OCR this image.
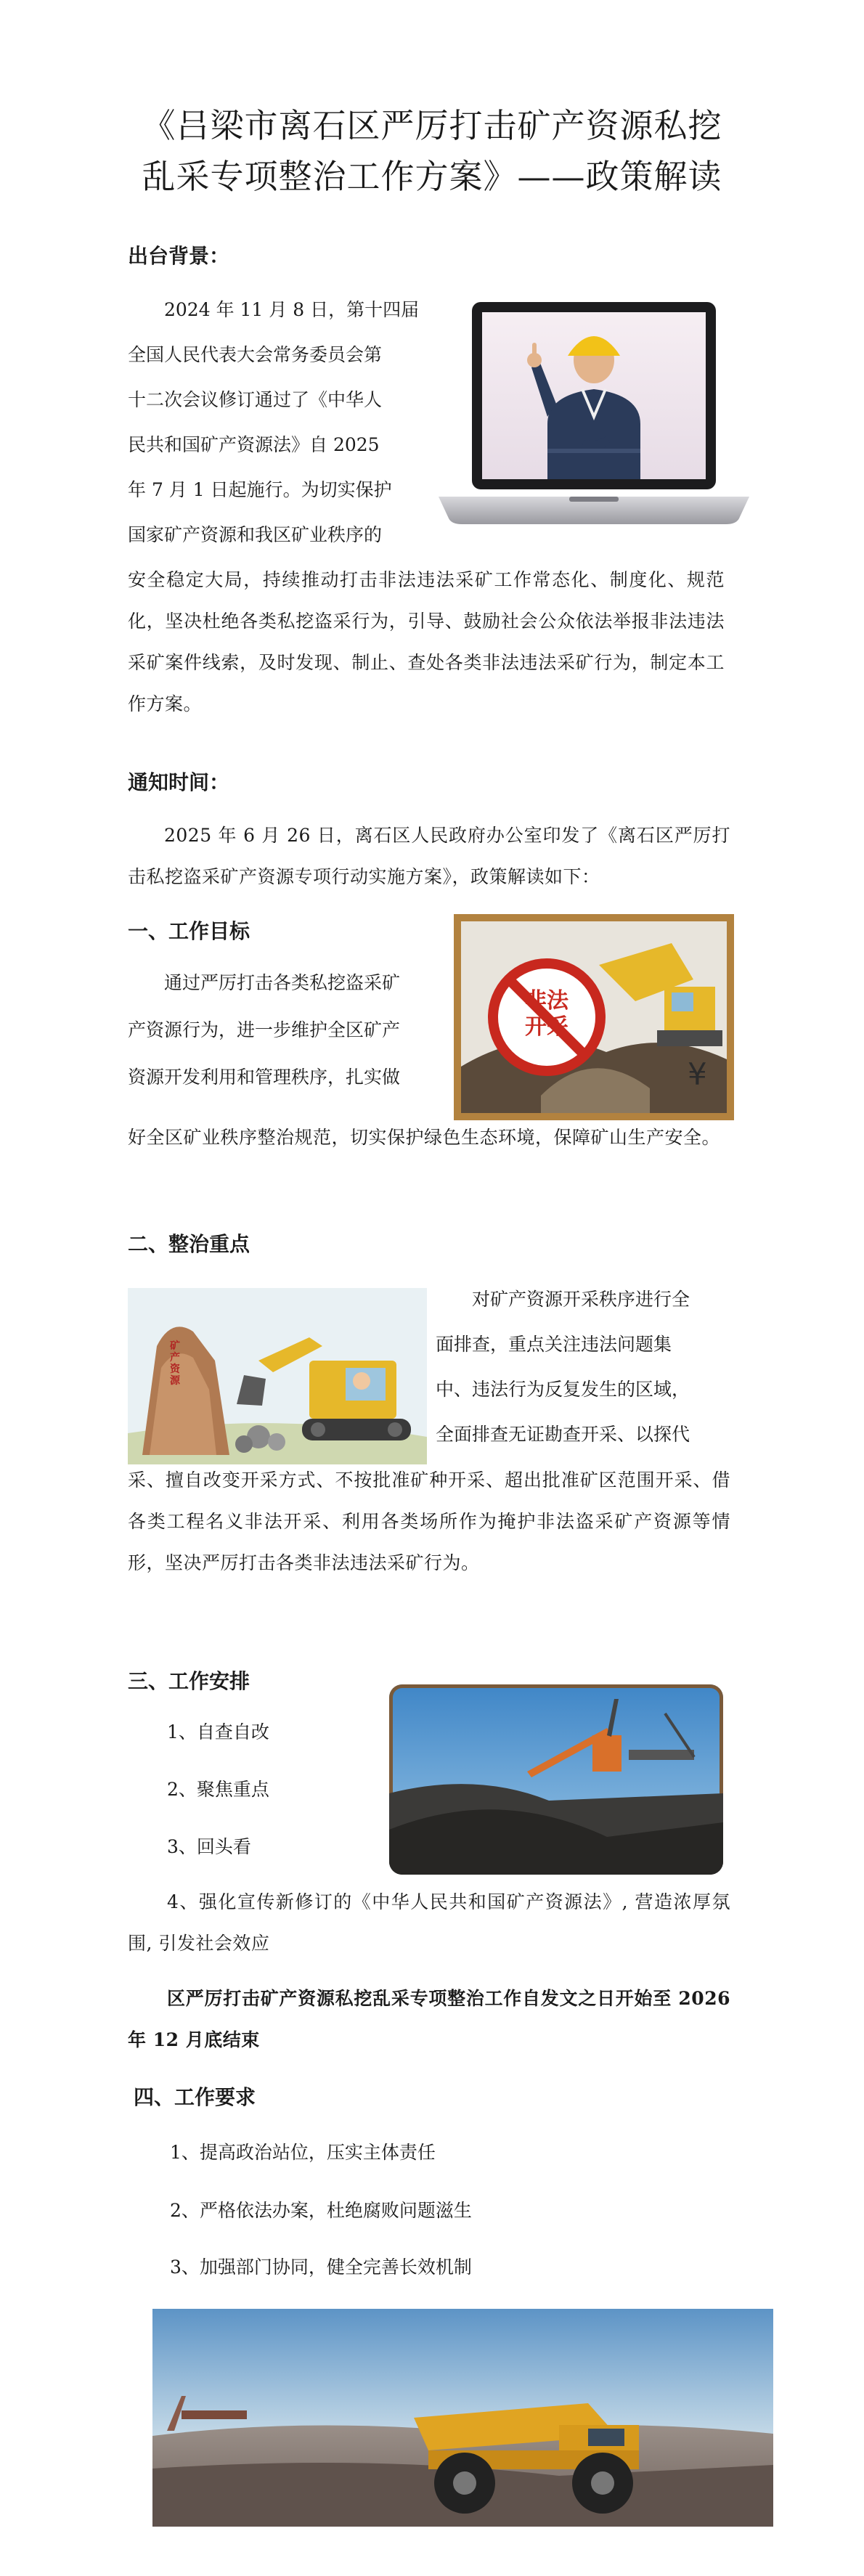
《吕梁市离石区严厉打击矿产资源私挖
乱采专项整治工作方案》——政策解读
出台背景：
2024 年 11 月 8 日，第十四届
全国人民代表大会常务委员会第
十二次会议修订通过了《中华人
民共和国矿产资源法》自 2025
年 7 月 1 日起施行。为切实保护
国家矿产资源和我区矿业秩序的
安全稳定大局，持续推动打击非法违法采矿工作常态化、制度化、规范化，坚决杜绝各类私挖盗采行为，引导、鼓励社会公众依法举报非法违法采矿案件线索，及时发现、制止、查处各类非法违法采矿行为，制定本工作方案。
通知时间：
2025 年 6 月 26 日，离石区人民政府办公室印发了《离石区严厉打击私挖盗采矿产资源专项行动实施方案》，政策解读如下：
一、工作目标
通过严厉打击各类私挖盗采矿
产资源行为，进一步维护全区矿产
资源开发利用和管理秩序，扎实做
好全区矿业秩序整治规范，切实保护绿色生态环境，保障矿山生产安全。
¥
非法开采
二、整治重点
对矿产资源开采秩序进行全
面排查，重点关注违法问题集
中、违法行为反复发生的区域，
全面排查无证勘查开采、以探代
采、擅自改变开采方式、不按批准矿种开采、超出批准矿区范围开采、借各类工程名义非法开采、利用各类场所作为掩护非法盗采矿产资源等情形，坚决严厉打击各类非法违法采矿行为。
矿产资源
三、工作安排
1、自查自改
2、聚焦重点
3、回头看
4、强化宣传新修订的《中华人民共和国矿产资源法》, 营造浓厚氛围, 引发社会效应
区严厉打击矿产资源私挖乱采专项整治工作自发文之日开始至 2026 年 12 月底结束
四、工作要求
1、提高政治站位，压实主体责任
2、严格依法办案，杜绝腐败问题滋生
3、加强部门协同，健全完善长效机制
